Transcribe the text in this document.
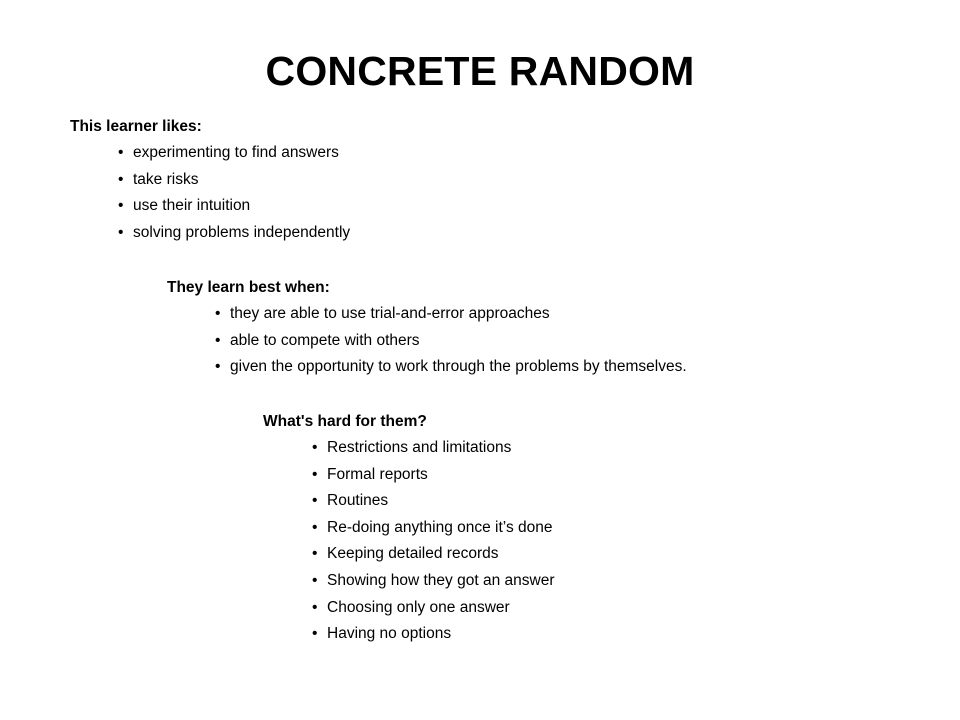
CONCRETE RANDOM
This learner likes:
• experimenting to find answers
• take risks
• use their intuition
• solving problems independently
They learn best when:
• they are able to use trial-and-error approaches
• able to compete with others
• given the opportunity to work through the problems by themselves.
What's hard for them?
• Restrictions and limitations
• Formal reports
• Routines
• Re-doing anything once it’s done
• Keeping detailed records
• Showing how they got an answer
• Choosing only one answer
• Having no options
